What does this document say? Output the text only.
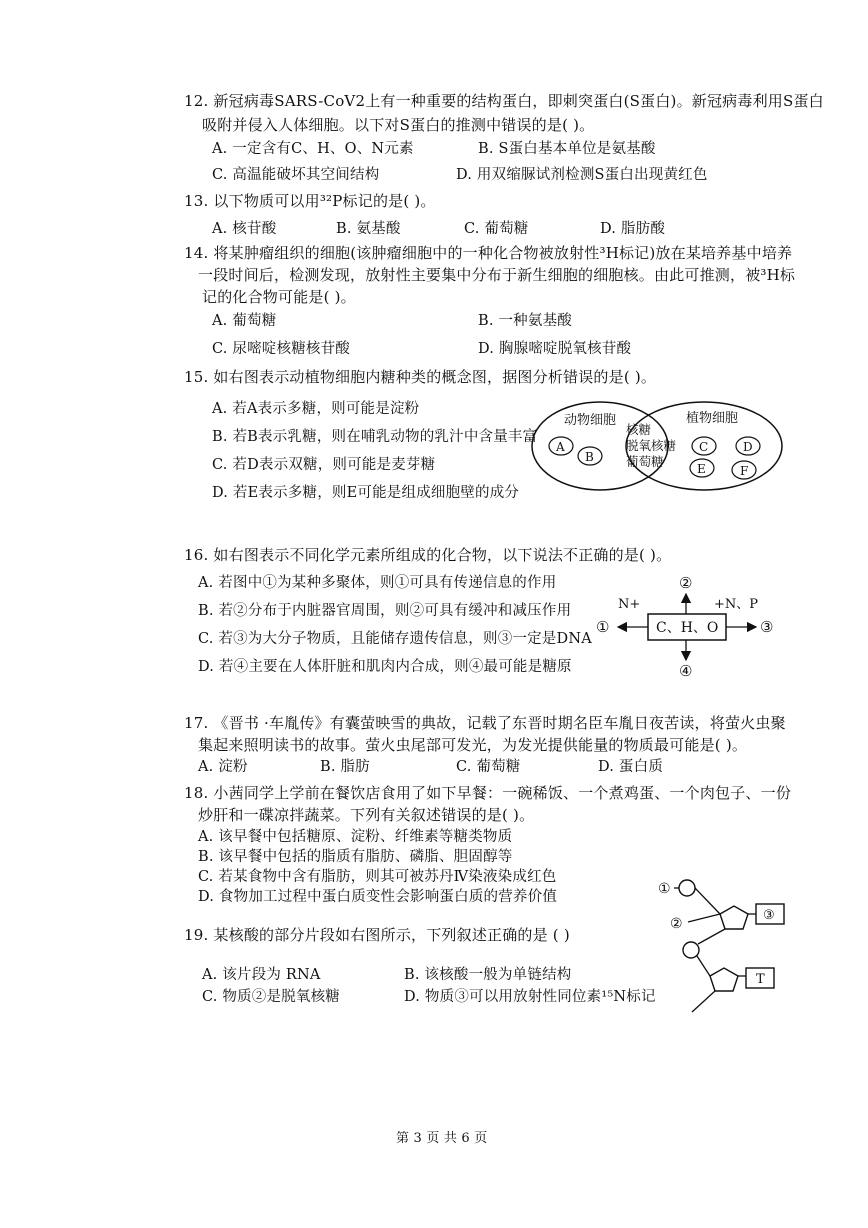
12. 新冠病毒SARS-CoV2上有一种重要的结构蛋白，即刺突蛋白(S蛋白)。新冠病毒利用S蛋白
吸附并侵入人体细胞。以下对S蛋白的推测中错误的是( )。
A. 一定含有C、H、O、N元素	B. S蛋白基本单位是氨基酸
C. 高温能破坏其空间结构	D. 用双缩脲试剂检测S蛋白出现黄红色
13. 以下物质可以用³²P标记的是( )。
A. 核苷酸	B. 氨基酸	C. 葡萄糖	D. 脂肪酸
14. 将某肿瘤组织的细胞(该肿瘤细胞中的一种化合物被放射性³H标记)放在某培养基中培养
一段时间后，检测发现，放射性主要集中分布于新生细胞的细胞核。由此可推测，被³H标
记的化合物可能是( )。
A. 葡萄糖	B. 一种氨基酸
C. 尿嘧啶核糖核苷酸	D. 胸腺嘧啶脱氧核苷酸
15. 如右图表示动植物细胞内糖种类的概念图，据图分析错误的是( )。
A. 若A表示多糖，则可能是淀粉
B. 若B表示乳糖，则在哺乳动物的乳汁中含量丰富
C. 若D表示双糖，则可能是麦芽糖
D. 若E表示多糖，则E可能是组成细胞壁的成分
动物细胞	植物细胞
核糖
脱氧核糖
葡萄糖
A
B
C	D
E	F
16. 如右图表示不同化学元素所组成的化合物，以下说法不正确的是( )。
A. 若图中①为某种多聚体，则①可具有传递信息的作用
B. 若②分布于内脏器官周围，则②可具有缓冲和减压作用
C. 若③为大分子物质，且能储存遗传信息，则③一定是DNA
D. 若④主要在人体肝脏和肌肉内合成，则④最可能是糖原
C、H、O
②
④
①	③
N+	+N、P
17. 《晋书 ·车胤传》有囊萤映雪的典故，记载了东晋时期名臣车胤日夜苦读，将萤火虫聚
集起来照明读书的故事。萤火虫尾部可发光，为发光提供能量的物质最可能是( )。
A. 淀粉	B. 脂肪	C. 葡萄糖	D. 蛋白质
18. 小茜同学上学前在餐饮店食用了如下早餐：一碗稀饭、一个煮鸡蛋、一个肉包子、一份
炒肝和一碟凉拌蔬菜。下列有关叙述错误的是( )。
A. 该早餐中包括糖原、淀粉、纤维素等糖类物质
B. 该早餐中包括的脂质有脂肪、磷脂、胆固醇等
C. 若某食物中含有脂肪，则其可被苏丹Ⅳ染液染成红色
D. 食物加工过程中蛋白质变性会影响蛋白质的营养价值
19. 某核酸的部分片段如右图所示，下列叙述正确的是 ( )
A. 该片段为 RNA	B. 该核酸一般为单链结构
C. 物质②是脱氧核糖	D. 物质③可以用放射性同位素¹⁵N标记
①
③
②
T
第 3 页 共 6 页
